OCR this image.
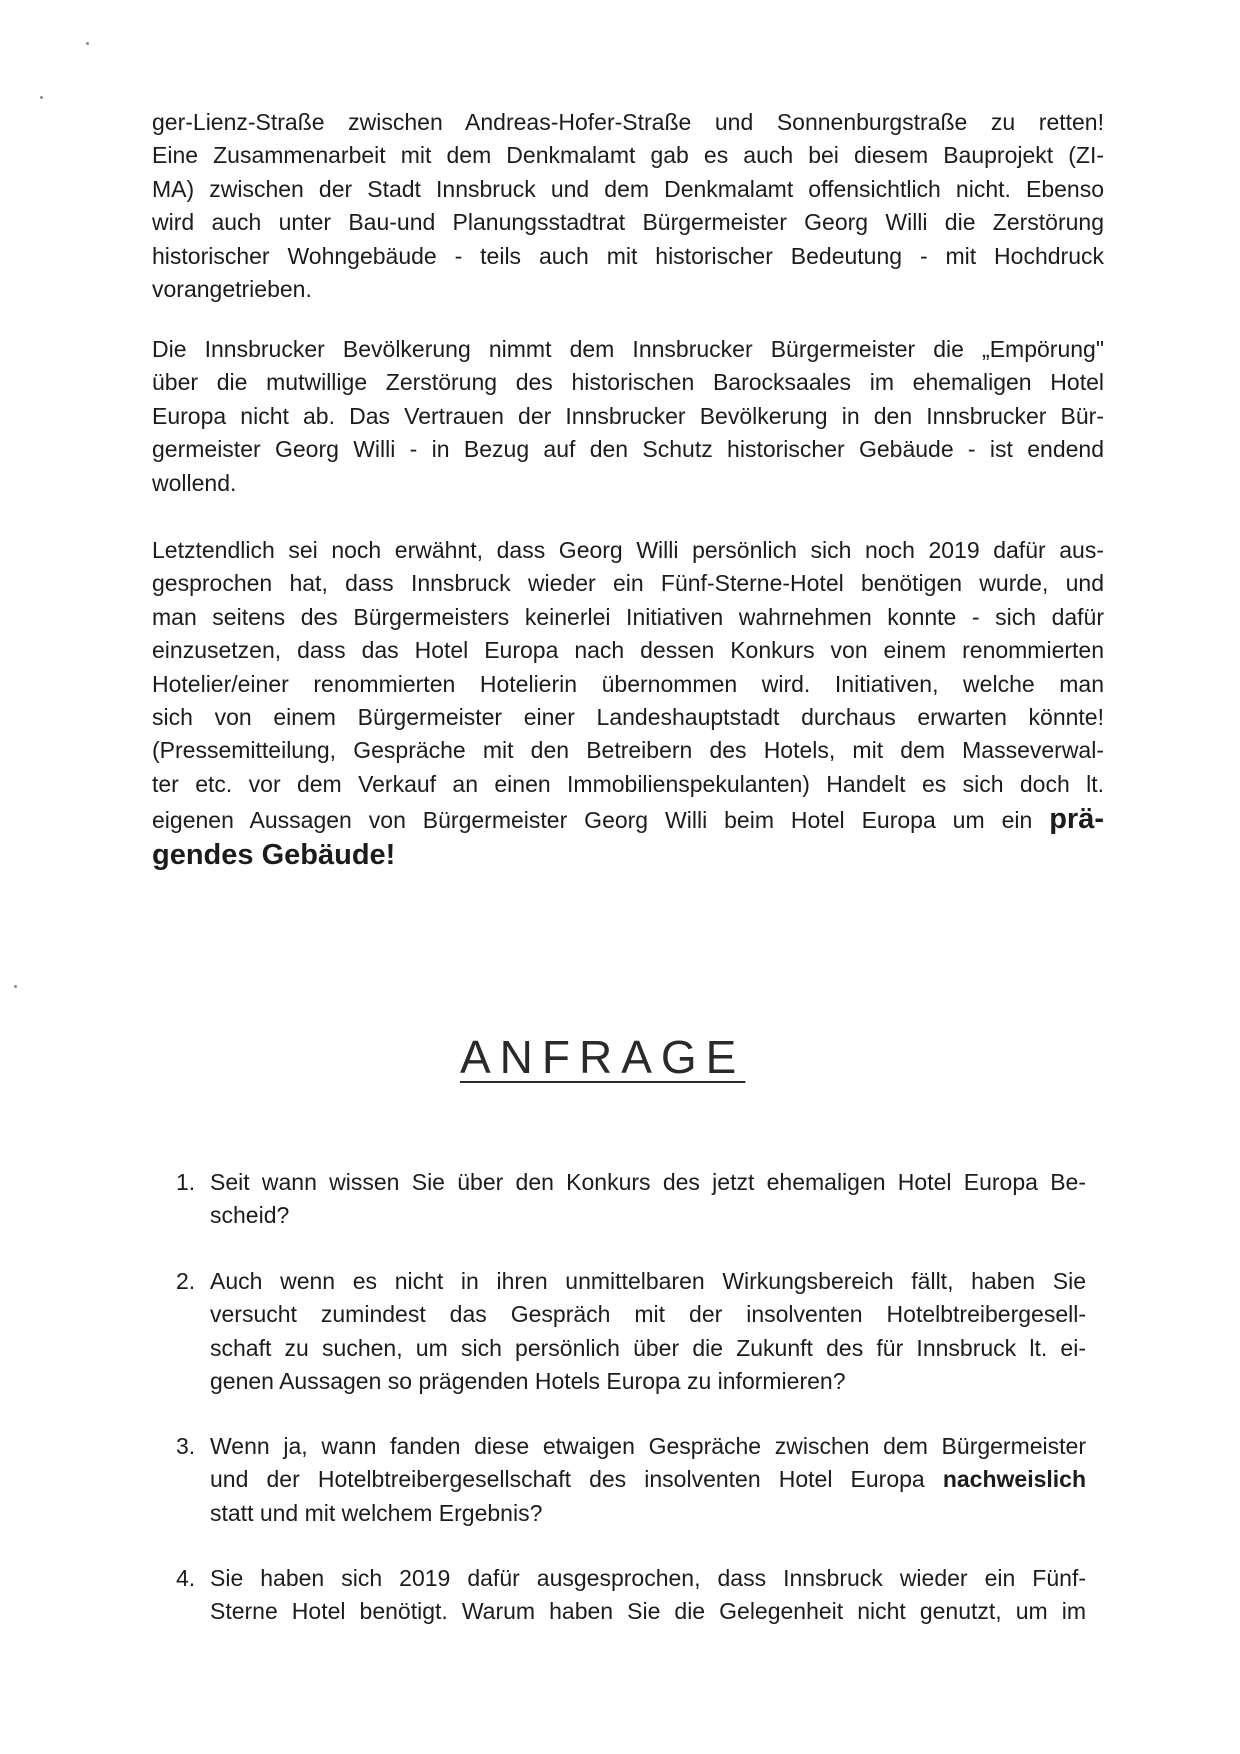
ger-Lienz-Straße zwischen Andreas-Hofer-Straße und Sonnenburgstraße zu retten!
Eine Zusammenarbeit mit dem Denkmalamt gab es auch bei diesem Bauprojekt (ZI-
MA) zwischen der Stadt Innsbruck und dem Denkmalamt offensichtlich nicht. Ebenso
wird auch unter Bau-und Planungsstadtrat Bürgermeister Georg Willi die Zerstörung
historischer Wohngebäude - teils auch mit historischer Bedeutung - mit Hochdruck
vorangetrieben.
Die Innsbrucker Bevölkerung nimmt dem Innsbrucker Bürgermeister die „Empörung"
über die mutwillige Zerstörung des historischen Barocksaales im ehemaligen Hotel
Europa nicht ab. Das Vertrauen der Innsbrucker Bevölkerung in den Innsbrucker Bür-
germeister Georg Willi - in Bezug auf den Schutz historischer Gebäude - ist endend
wollend.
Letztendlich sei noch erwähnt, dass Georg Willi persönlich sich noch 2019 dafür aus-
gesprochen hat, dass Innsbruck wieder ein Fünf-Sterne-Hotel benötigen wurde, und
man seitens des Bürgermeisters keinerlei Initiativen wahrnehmen konnte - sich dafür
einzusetzen, dass das Hotel Europa nach dessen Konkurs von einem renommierten
Hotelier/einer renommierten Hotelierin übernommen wird. Initiativen, welche man
sich von einem Bürgermeister einer Landeshauptstadt durchaus erwarten könnte!
(Pressemitteilung, Gespräche mit den Betreibern des Hotels, mit dem Masseverwal-
ter etc. vor dem Verkauf an einen Immobilienspekulanten) Handelt es sich doch lt.
eigenen Aussagen von Bürgermeister Georg Willi beim Hotel Europa um ein prä-
gendes Gebäude!
ANFRAGE
1. Seit wann wissen Sie über den Konkurs des jetzt ehemaligen Hotel Europa Be-
scheid?
2. Auch wenn es nicht in ihren unmittelbaren Wirkungsbereich fällt, haben Sie
versucht zumindest das Gespräch mit der insolventen Hotelbtreibergesell-
schaft zu suchen, um sich persönlich über die Zukunft des für Innsbruck lt. ei-
genen Aussagen so prägenden Hotels Europa zu informieren?
3. Wenn ja, wann fanden diese etwaigen Gespräche zwischen dem Bürgermeister
und der Hotelbtreibergesellschaft des insolventen Hotel Europa nachweislich
statt und mit welchem Ergebnis?
4. Sie haben sich 2019 dafür ausgesprochen, dass Innsbruck wieder ein Fünf-
Sterne Hotel benötigt. Warum haben Sie die Gelegenheit nicht genutzt, um im
